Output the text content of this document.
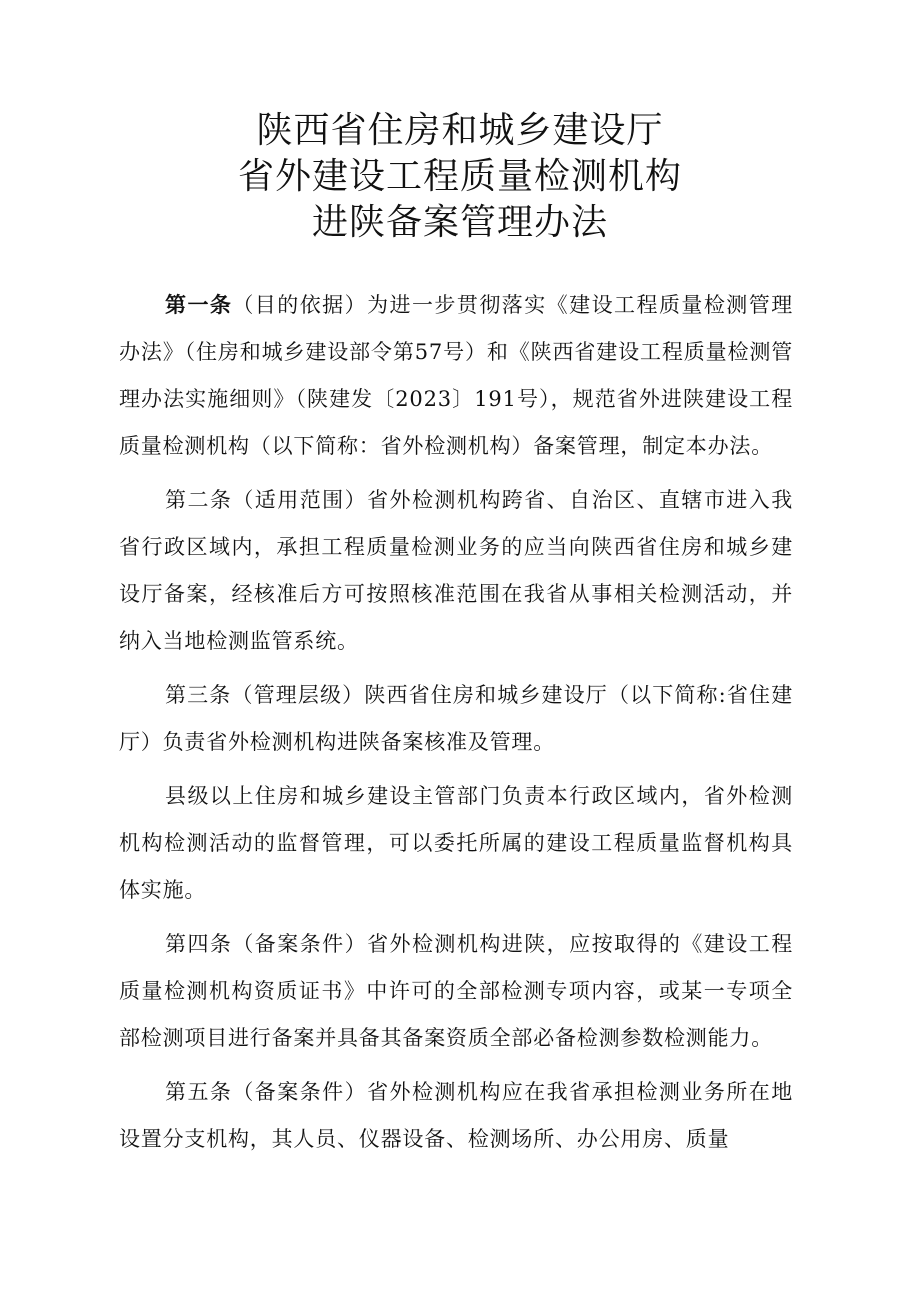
陕西省住房和城乡建设厅
省外建设工程质量检测机构
进陕备案管理办法

第一条（目的依据）为进一步贯彻落实《建设工程质量检测管理办法》（住房和城乡建设部令第57号）和《陕西省建设工程质量检测管理办法实施细则》（陕建发〔2023〕191号），规范省外进陕建设工程质量检测机构（以下简称：省外检测机构）备案管理，制定本办法。

第二条（适用范围）省外检测机构跨省、自治区、直辖市进入我省行政区域内，承担工程质量检测业务的应当向陕西省住房和城乡建设厅备案，经核准后方可按照核准范围在我省从事相关检测活动，并纳入当地检测监管系统。

第三条（管理层级）陕西省住房和城乡建设厅（以下简称:省住建厅）负责省外检测机构进陕备案核准及管理。

县级以上住房和城乡建设主管部门负责本行政区域内，省外检测机构检测活动的监督管理，可以委托所属的建设工程质量监督机构具体实施。

第四条（备案条件）省外检测机构进陕，应按取得的《建设工程质量检测机构资质证书》中许可的全部检测专项内容，或某一专项全部检测项目进行备案并具备其备案资质全部必备检测参数检测能力。

第五条（备案条件）省外检测机构应在我省承担检测业务所在地设置分支机构，其人员、仪器设备、检测场所、办公用房、质量
